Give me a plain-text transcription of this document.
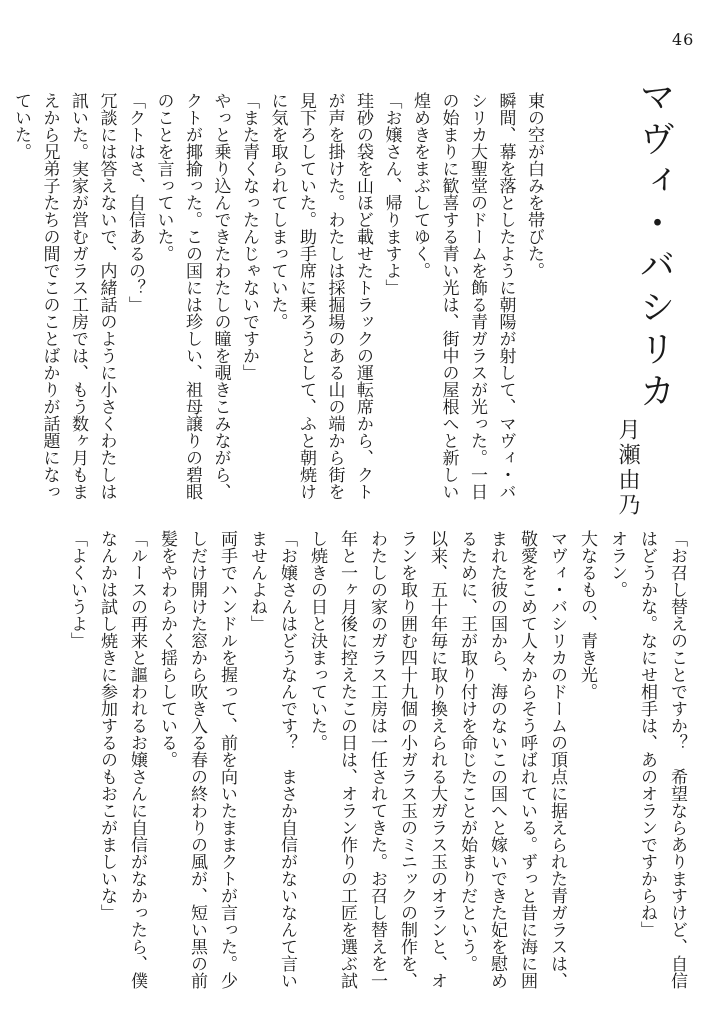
46
マヴィ・バシリカ
月瀬由乃

東の空が白みを帯びた。

瞬間、幕を落としたように朝陽が射して、マヴィ・バシリカ大聖堂のドームを飾る青ガラスが光った。一日の始まりに歓喜する青い光は、街中の屋根へと新しい煌めきをまぶしてゆく。

「お嬢さん、帰りますよ」

珪砂の袋を山ほど載せたトラックの運転席から、クトが声を掛けた。わたしは採掘場のある山の端から街を見下ろしていた。助手席に乗ろうとして、ふと朝焼けに気を取られてしまっていた。

「また青くなったんじゃないですか」

やっと乗り込んできたわたしの瞳を覗きこみながら、クトが揶揄った。この国には珍しい、祖母譲りの碧眼のことを言っていた。

「クトはさ、自信あるの？」

冗談には答えないで、内緒話のように小さくわたしは訊いた。実家が営むガラス工房では、もう数ヶ月もまえから兄弟子たちの間でこのことばかりが話題になっていた。

「お召し替えのことですか？　希望ならありますけど、自信はどうかな。なにせ相手は、あのオランですからね」

オラン。

大なるもの、青き光。

マヴィ・バシリカのドームの頂点に据えられた青ガラスは、敬愛をこめて人々からそう呼ばれている。ずっと昔に海に囲まれた彼の国から、海のないこの国へと嫁いできた妃を慰めるために、王が取り付けを命じたことが始まりだという。

以来、五十年毎に取り換えられる大ガラス玉のオランと、オランを取り囲む四十九個の小ガラス玉のミニックの制作を、わたしの家のガラス工房は一任されてきた。お召し替えを一年と一ヶ月後に控えたこの日は、オラン作りの工匠を選ぶ試し焼きの日と決まっていた。

「お嬢さんはどうなんです？　まさか自信がないなんて言いませんよね」

両手でハンドルを握って、前を向いたままクトが言った。少しだけ開けた窓から吹き入る春の終わりの風が、短い黒の前髪をやわらかく揺らしている。

「ルースの再来と謳われるお嬢さんに自信がなかったら、僕なんかは試し焼きに参加するのもおこがましいな」

「よくいうよ」
